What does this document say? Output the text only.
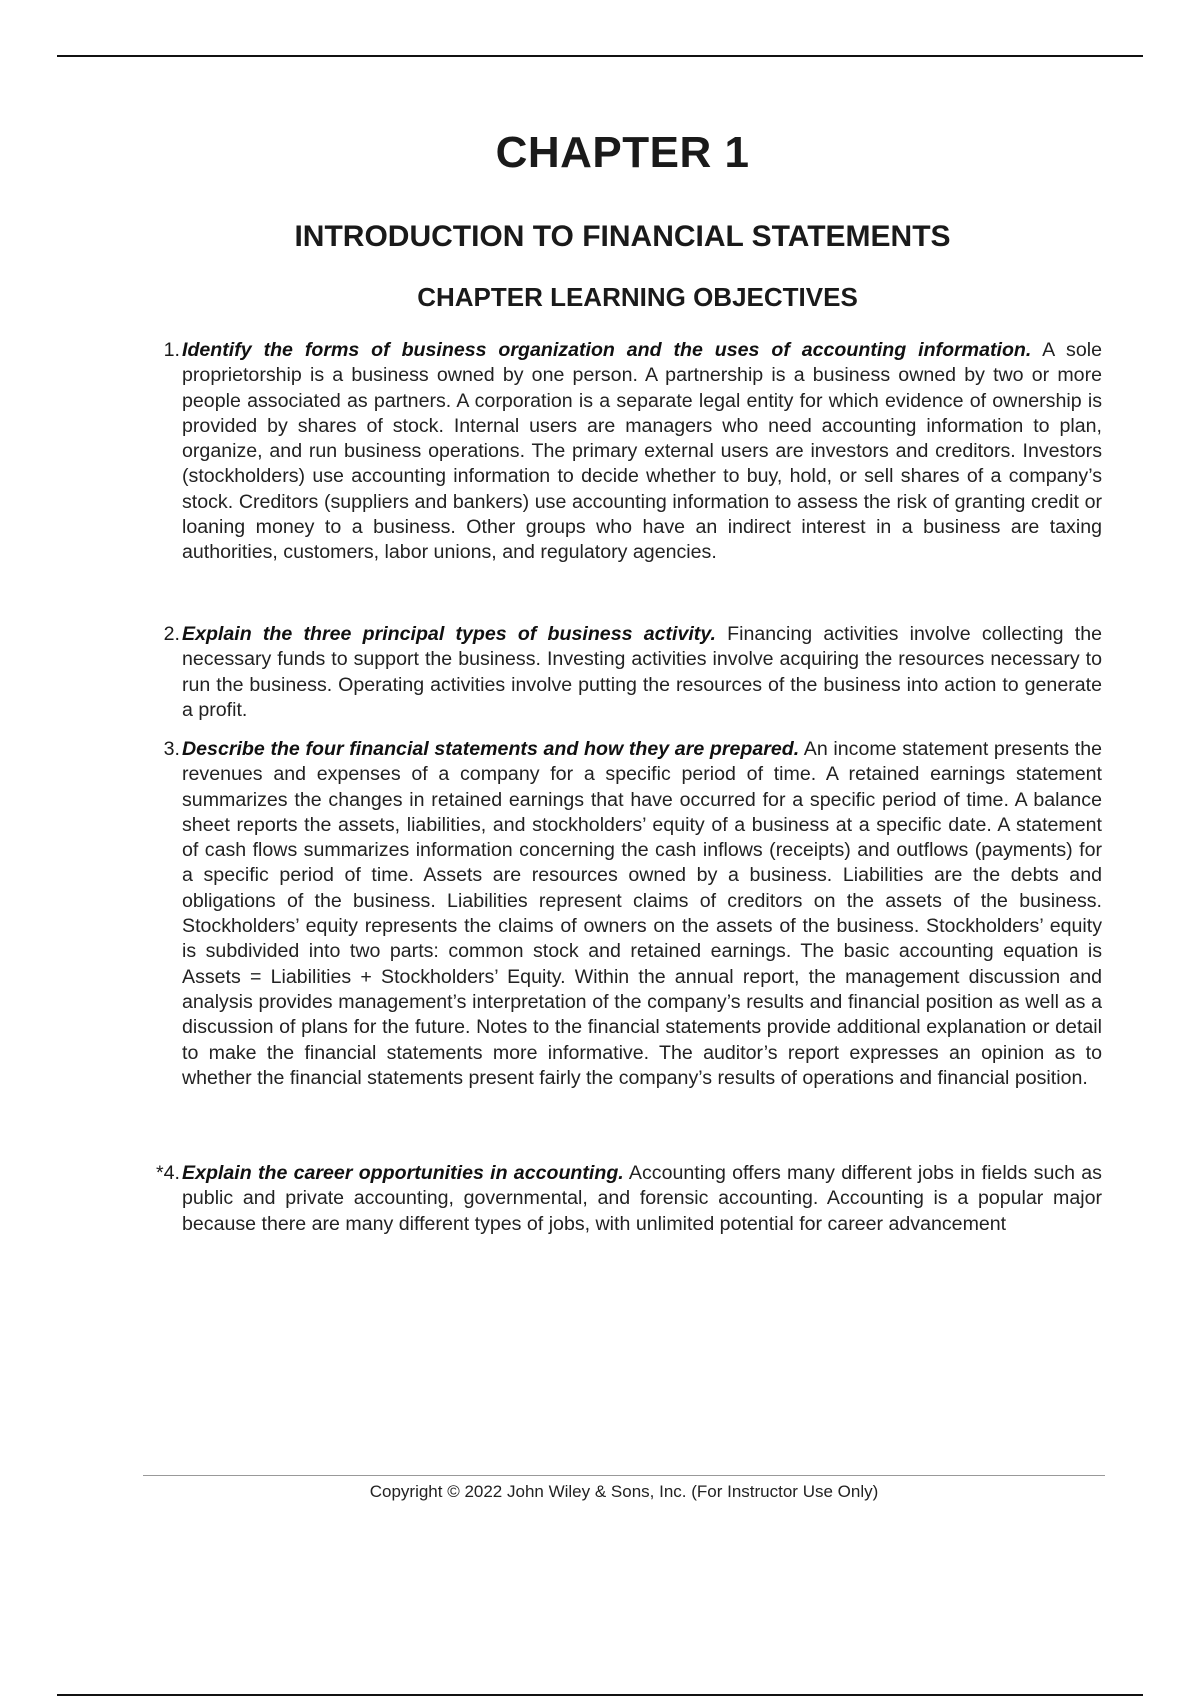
CHAPTER 1
INTRODUCTION TO FINANCIAL STATEMENTS
CHAPTER LEARNING OBJECTIVES
1. Identify the forms of business organization and the uses of accounting information. A sole proprietorship is a business owned by one person. A partnership is a business owned by two or more people associated as partners. A corporation is a separate legal entity for which evidence of ownership is provided by shares of stock. Internal users are managers who need accounting information to plan, organize, and run business operations. The primary external users are investors and creditors. Investors (stockholders) use accounting information to decide whether to buy, hold, or sell shares of a company’s stock. Creditors (suppliers and bankers) use accounting information to assess the risk of granting credit or loaning money to a business. Other groups who have an indirect interest in a business are taxing authorities, customers, labor unions, and regulatory agencies.
2. Explain the three principal types of business activity. Financing activities involve collecting the necessary funds to support the business. Investing activities involve acquiring the resources necessary to run the business. Operating activities involve putting the resources of the business into action to generate a profit.
3. Describe the four financial statements and how they are prepared. An income statement presents the revenues and expenses of a company for a specific period of time. A retained earnings statement summarizes the changes in retained earnings that have occurred for a specific period of time. A balance sheet reports the assets, liabilities, and stockholders’ equity of a business at a specific date. A statement of cash flows summarizes information concerning the cash inflows (receipts) and outflows (payments) for a specific period of time. Assets are resources owned by a business. Liabilities are the debts and obligations of the business. Liabilities represent claims of creditors on the assets of the business. Stockholders’ equity represents the claims of owners on the assets of the business. Stockholders’ equity is subdivided into two parts: common stock and retained earnings. The basic accounting equation is Assets = Liabilities + Stockholders’ Equity. Within the annual report, the management discussion and analysis provides management’s interpretation of the company’s results and financial position as well as a discussion of plans for the future. Notes to the financial statements provide additional explanation or detail to make the financial statements more informative. The auditor’s report expresses an opinion as to whether the financial statements present fairly the company’s results of operations and financial position.
*4. Explain the career opportunities in accounting. Accounting offers many different jobs in fields such as public and private accounting, governmental, and forensic accounting. Accounting is a popular major because there are many different types of jobs, with unlimited potential for career advancement
Copyright © 2022 John Wiley & Sons, Inc. (For Instructor Use Only)
